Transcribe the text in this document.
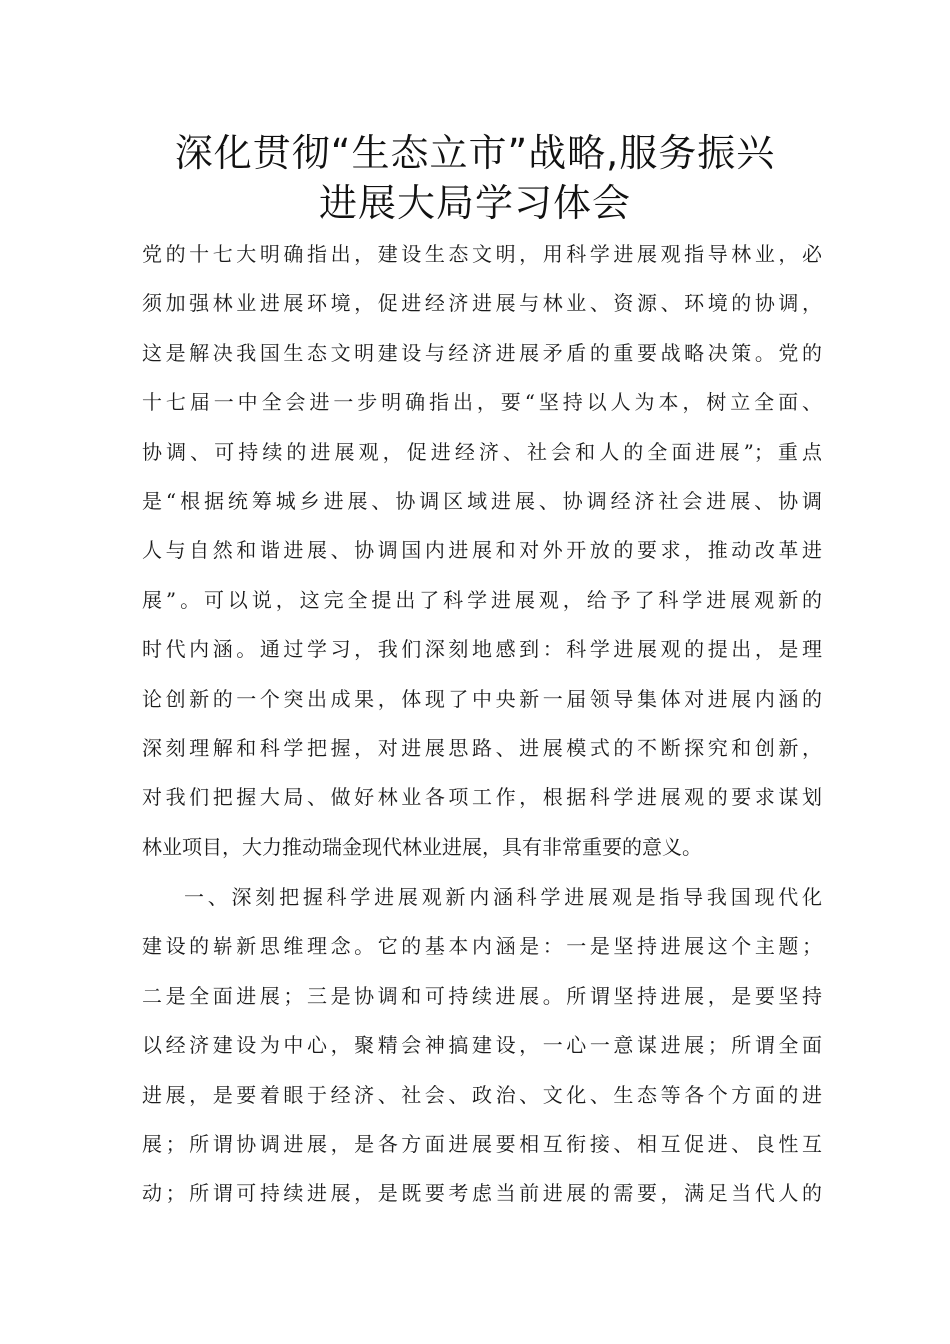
深化贯彻“生态立市”战略,服务振兴
进展大局学习体会
党的十七大明确指出，建设生态文明，用科学进展观指导林业，必
须加强林业进展环境，促进经济进展与林业、资源、环境的协调，
这是解决我国生态文明建设与经济进展矛盾的重要战略决策。党的
十七届一中全会进一步明确指出，要“坚持以人为本，树立全面、
协调、可持续的进展观，促进经济、社会和人的全面进展”；重点
是“根据统筹城乡进展、协调区域进展、协调经济社会进展、协调
人与自然和谐进展、协调国内进展和对外开放的要求，推动改革进
展”。可以说，这完全提出了科学进展观，给予了科学进展观新的
时代内涵。通过学习，我们深刻地感到：科学进展观的提出，是理
论创新的一个突出成果，体现了中央新一届领导集体对进展内涵的
深刻理解和科学把握，对进展思路、进展模式的不断探究和创新，
对我们把握大局、做好林业各项工作，根据科学进展观的要求谋划
林业项目，大力推动瑞金现代林业进展，具有非常重要的意义。
一、深刻把握科学进展观新内涵科学进展观是指导我国现代化
建设的崭新思维理念。它的基本内涵是：一是坚持进展这个主题；
二是全面进展；三是协调和可持续进展。所谓坚持进展，是要坚持
以经济建设为中心，聚精会神搞建设，一心一意谋进展；所谓全面
进展，是要着眼于经济、社会、政治、文化、生态等各个方面的进
展；所谓协调进展，是各方面进展要相互衔接、相互促进、良性互
动；所谓可持续进展，是既要考虑当前进展的需要，满足当代人的
